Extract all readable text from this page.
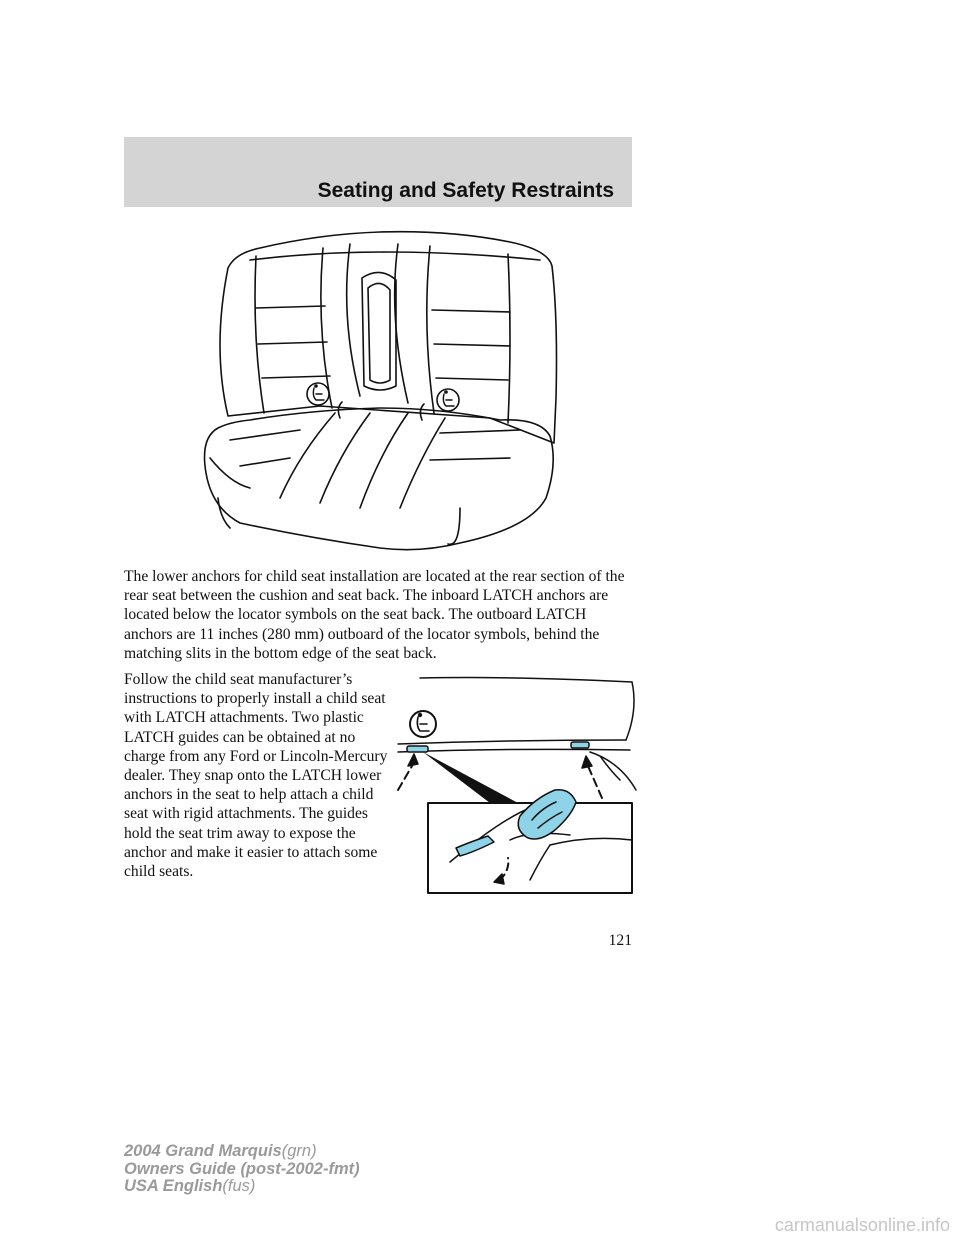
Seating and Safety Restraints

The lower anchors for child seat installation are located at the rear section of the rear seat between the cushion and seat back. The inboard LATCH anchors are located below the locator symbols on the seat back. The outboard LATCH anchors are 11 inches (280 mm) outboard of the locator symbols, behind the matching slits in the bottom edge of the seat back.

Follow the child seat manufacturer’s instructions to properly install a child seat with LATCH attachments. Two plastic LATCH guides can be obtained at no charge from any Ford or Lincoln-Mercury dealer. They snap onto the LATCH lower anchors in the seat to help attach a child seat with rigid attachments. The guides hold the seat trim away to expose the anchor and make it easier to attach some child seats.

121
2004 Grand Marquis(grn)
Owners Guide (post-2002-fmt)
USA English(fus)
carmanualsonline.info
